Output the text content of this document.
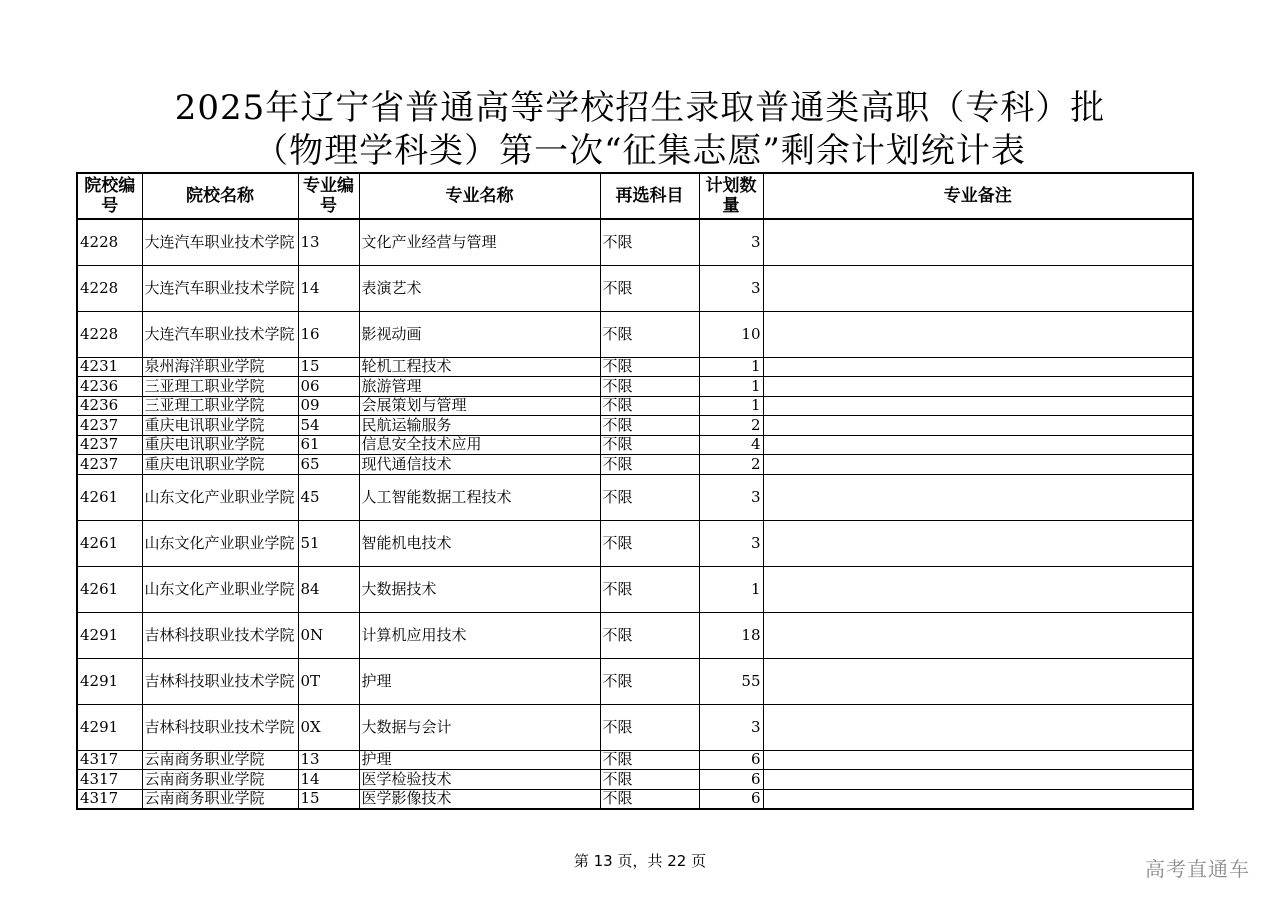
2025年辽宁省普通高等学校招生录取普通类高职（专科）批
（物理学科类）第一次“征集志愿”剩余计划统计表
院校编号	院校名称	专业编号	专业名称	再选科目	计划数量	专业备注
4228	大连汽车职业技术学院	13	文化产业经营与管理	不限	3	
4228	大连汽车职业技术学院	14	表演艺术	不限	3	
4228	大连汽车职业技术学院	16	影视动画	不限	10	
4231	泉州海洋职业学院	15	轮机工程技术	不限	1	
4236	三亚理工职业学院	06	旅游管理	不限	1	
4236	三亚理工职业学院	09	会展策划与管理	不限	1	
4237	重庆电讯职业学院	54	民航运输服务	不限	2	
4237	重庆电讯职业学院	61	信息安全技术应用	不限	4	
4237	重庆电讯职业学院	65	现代通信技术	不限	2	
4261	山东文化产业职业学院	45	人工智能数据工程技术	不限	3	
4261	山东文化产业职业学院	51	智能机电技术	不限	3	
4261	山东文化产业职业学院	84	大数据技术	不限	1	
4291	吉林科技职业技术学院	0N	计算机应用技术	不限	18	
4291	吉林科技职业技术学院	0T	护理	不限	55	
4291	吉林科技职业技术学院	0X	大数据与会计	不限	3	
4317	云南商务职业学院	13	护理	不限	6	
4317	云南商务职业学院	14	医学检验技术	不限	6	
4317	云南商务职业学院	15	医学影像技术	不限	6	
第 13 页，共 22 页	高考直通车
